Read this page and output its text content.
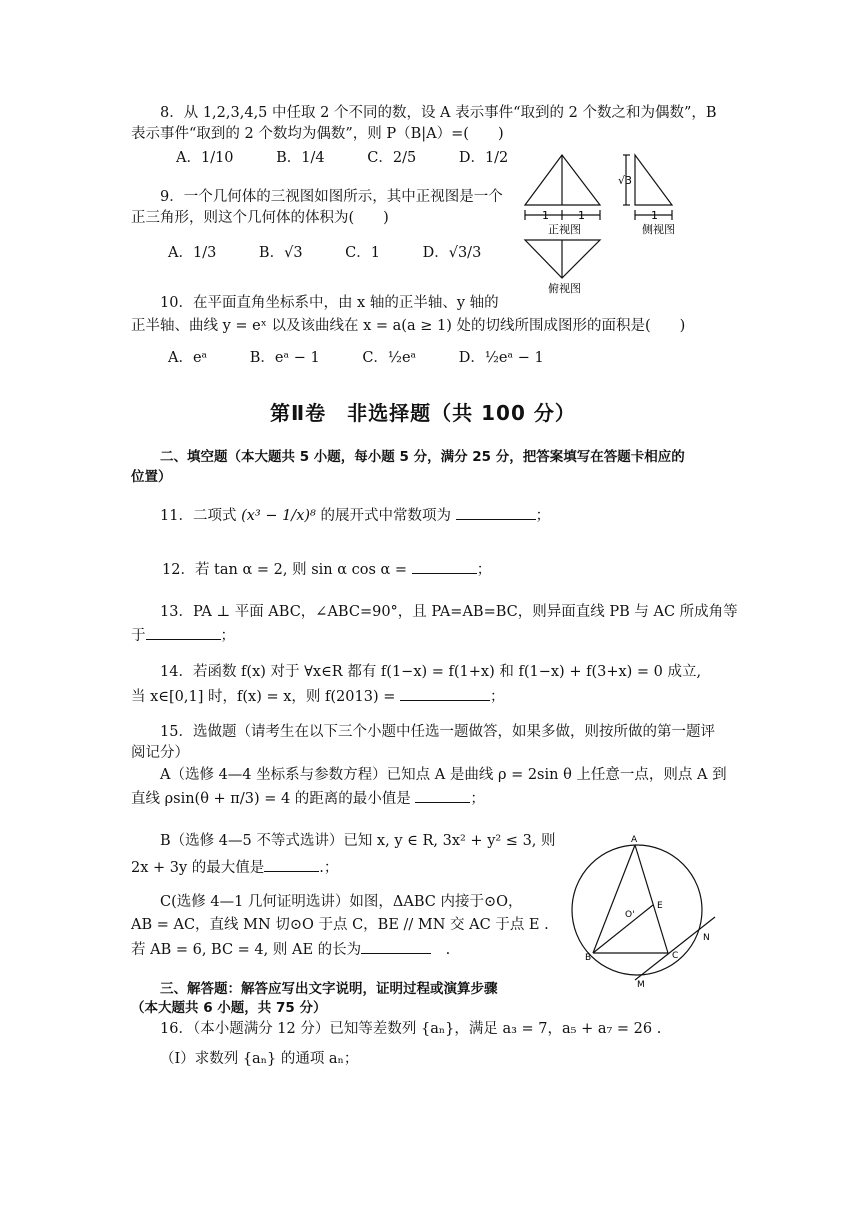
8．从 1,2,3,4,5 中任取 2 个不同的数，设 A 表示事件“取到的 2 个数之和为偶数”，B
表示事件“取到的 2 个数均为偶数”，则 P（B|A）=(　　)
A．1/10	B．1/4	C．2/5	D．1/2
9．一个几何体的三视图如图所示，其中正视图是一个
正三角形，则这个几何体的体积为(　　)
A．1/3	B．√3	C．1	D．√3/3
1	1
正视图
√3
1
侧视图
俯视图
10．在平面直角坐标系中，由 x 轴的正半轴、y 轴的
正半轴、曲线 y = eˣ 以及该曲线在 x = a(a ≥ 1) 处的切线所围成图形的面积是(　　)
A．eᵃ	B．eᵃ − 1	C．½eᵃ	D．½eᵃ − 1
第Ⅱ卷　非选择题（共 100 分）
二、填空题（本大题共 5 小题，每小题 5 分，满分 25 分，把答案填写在答题卡相应的
位置）
11．二项式 (x³ − 1/x)⁸ 的展开式中常数项为	；
12．若 tan α = 2, 则 sin α cos α =	；
13．PA ⊥ 平面 ABC，∠ABC=90°，且 PA=AB=BC，则异面直线 PB 与 AC 所成角等
于	；
14．若函数 f(x) 对于 ∀x∈R 都有 f(1−x) = f(1+x) 和 f(1−x) + f(3+x) = 0 成立,
当 x∈[0,1] 时，f(x) = x，则 f(2013) =	；
15．选做题（请考生在以下三个小题中任选一题做答，如果多做，则按所做的第一题评
阅记分）
A（选修 4—4 坐标系与参数方程）已知点 A 是曲线 ρ = 2sin θ 上任意一点，则点 A 到
直线 ρsin(θ + π/3) = 4 的距离的最小值是	；
B（选修 4—5 不等式选讲）已知 x, y ∈ R, 3x² + y² ≤ 3, 则
2x + 3y 的最大值是	.；
C(选修 4—1 几何证明选讲）如图，ΔABC 内接于⊙O，
AB = AC，直线 MN 切⊙O 于点 C，BE // MN 交 AC 于点 E .
若 AB = 6, BC = 4, 则 AE 的长为	　.
A
B	C
E
O'
M
N
三、解答题：解答应写出文字说明，证明过程或演算步骤
（本大题共 6 小题，共 75 分）
16．（本小题满分 12 分）已知等差数列 {aₙ}，满足 a₃ = 7，a₅ + a₇ = 26 .
（Ⅰ）求数列 {aₙ} 的通项 aₙ；
